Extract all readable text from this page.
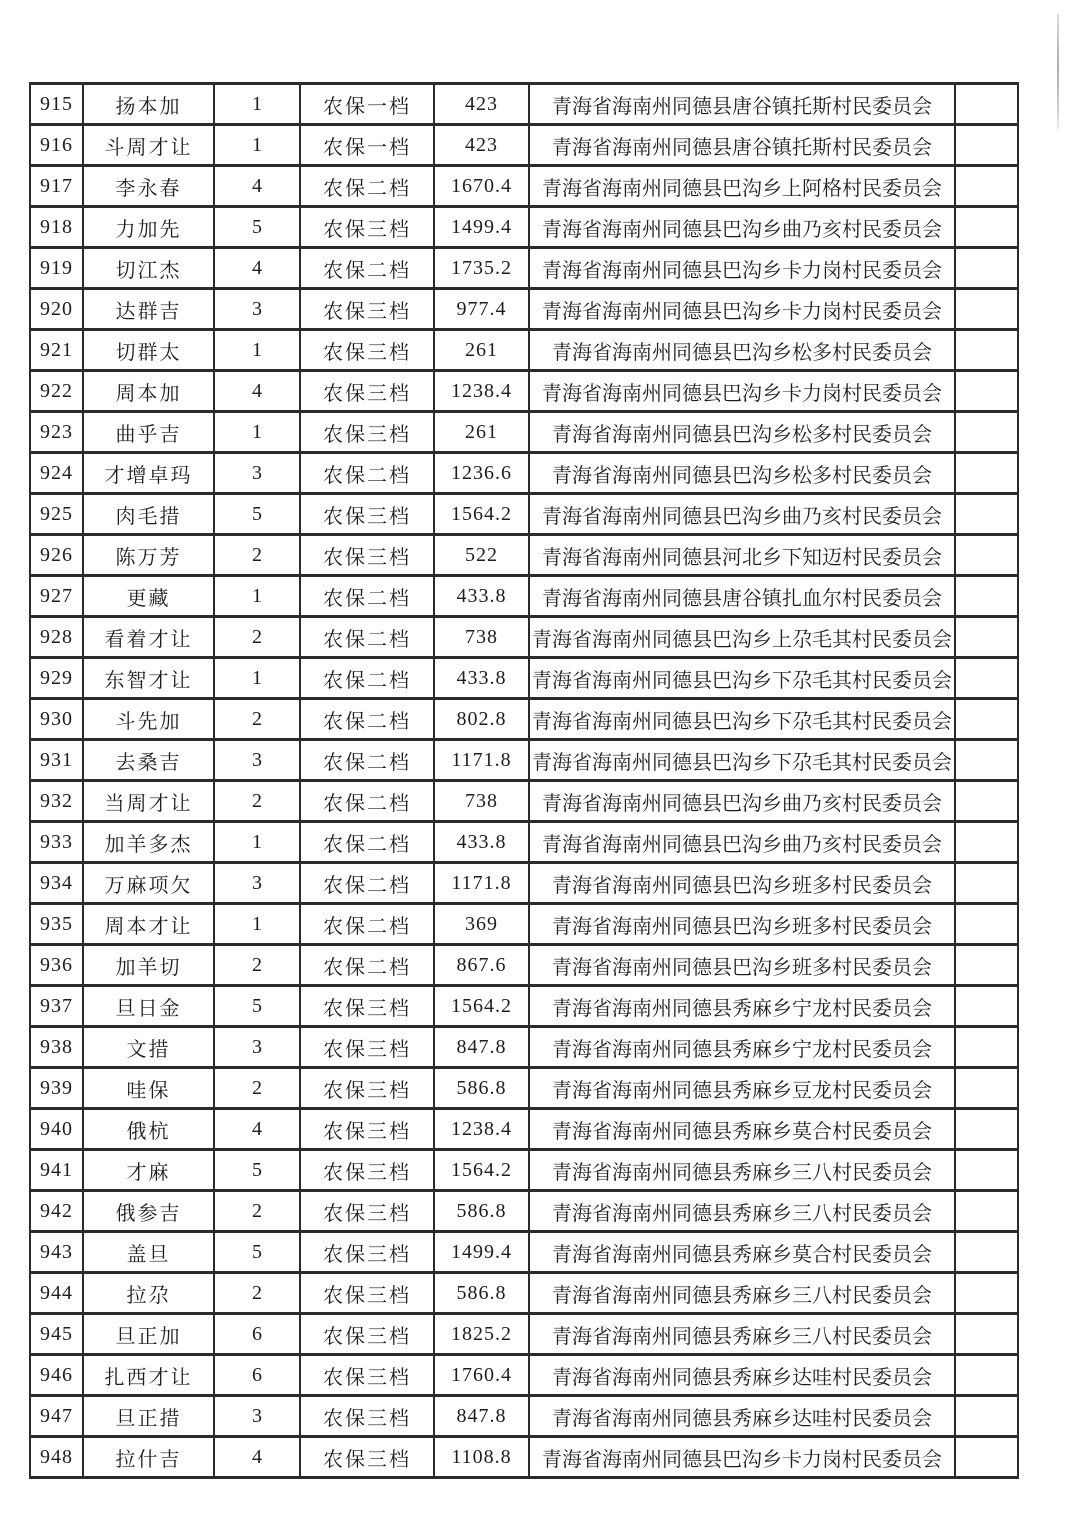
915	扬本加	1	农保一档	423	青海省海南州同德县唐谷镇托斯村民委员会	
916	斗周才让	1	农保一档	423	青海省海南州同德县唐谷镇托斯村民委员会	
917	李永春	4	农保二档	1670.4	青海省海南州同德县巴沟乡上阿格村民委员会	
918	力加先	5	农保三档	1499.4	青海省海南州同德县巴沟乡曲乃亥村民委员会	
919	切江杰	4	农保二档	1735.2	青海省海南州同德县巴沟乡卡力岗村民委员会	
920	达群吉	3	农保三档	977.4	青海省海南州同德县巴沟乡卡力岗村民委员会	
921	切群太	1	农保三档	261	青海省海南州同德县巴沟乡松多村民委员会	
922	周本加	4	农保三档	1238.4	青海省海南州同德县巴沟乡卡力岗村民委员会	
923	曲乎吉	1	农保三档	261	青海省海南州同德县巴沟乡松多村民委员会	
924	才增卓玛	3	农保二档	1236.6	青海省海南州同德县巴沟乡松多村民委员会	
925	肉毛措	5	农保三档	1564.2	青海省海南州同德县巴沟乡曲乃亥村民委员会	
926	陈万芳	2	农保三档	522	青海省海南州同德县河北乡下知迈村民委员会	
927	更藏	1	农保二档	433.8	青海省海南州同德县唐谷镇扎血尔村民委员会	
928	看着才让	2	农保二档	738	青海省海南州同德县巴沟乡上尕毛其村民委员会	
929	东智才让	1	农保二档	433.8	青海省海南州同德县巴沟乡下尕毛其村民委员会	
930	斗先加	2	农保二档	802.8	青海省海南州同德县巴沟乡下尕毛其村民委员会	
931	去桑吉	3	农保二档	1171.8	青海省海南州同德县巴沟乡下尕毛其村民委员会	
932	当周才让	2	农保二档	738	青海省海南州同德县巴沟乡曲乃亥村民委员会	
933	加羊多杰	1	农保二档	433.8	青海省海南州同德县巴沟乡曲乃亥村民委员会	
934	万麻项欠	3	农保二档	1171.8	青海省海南州同德县巴沟乡班多村民委员会	
935	周本才让	1	农保二档	369	青海省海南州同德县巴沟乡班多村民委员会	
936	加羊切	2	农保二档	867.6	青海省海南州同德县巴沟乡班多村民委员会	
937	旦日金	5	农保三档	1564.2	青海省海南州同德县秀麻乡宁龙村民委员会	
938	文措	3	农保三档	847.8	青海省海南州同德县秀麻乡宁龙村民委员会	
939	哇保	2	农保三档	586.8	青海省海南州同德县秀麻乡豆龙村民委员会	
940	俄杭	4	农保三档	1238.4	青海省海南州同德县秀麻乡莫合村民委员会	
941	才麻	5	农保三档	1564.2	青海省海南州同德县秀麻乡三八村民委员会	
942	俄参吉	2	农保三档	586.8	青海省海南州同德县秀麻乡三八村民委员会	
943	盖旦	5	农保三档	1499.4	青海省海南州同德县秀麻乡莫合村民委员会	
944	拉尕	2	农保三档	586.8	青海省海南州同德县秀麻乡三八村民委员会	
945	旦正加	6	农保三档	1825.2	青海省海南州同德县秀麻乡三八村民委员会	
946	扎西才让	6	农保三档	1760.4	青海省海南州同德县秀麻乡达哇村民委员会	
947	旦正措	3	农保三档	847.8	青海省海南州同德县秀麻乡达哇村民委员会	
948	拉什吉	4	农保三档	1108.8	青海省海南州同德县巴沟乡卡力岗村民委员会	
